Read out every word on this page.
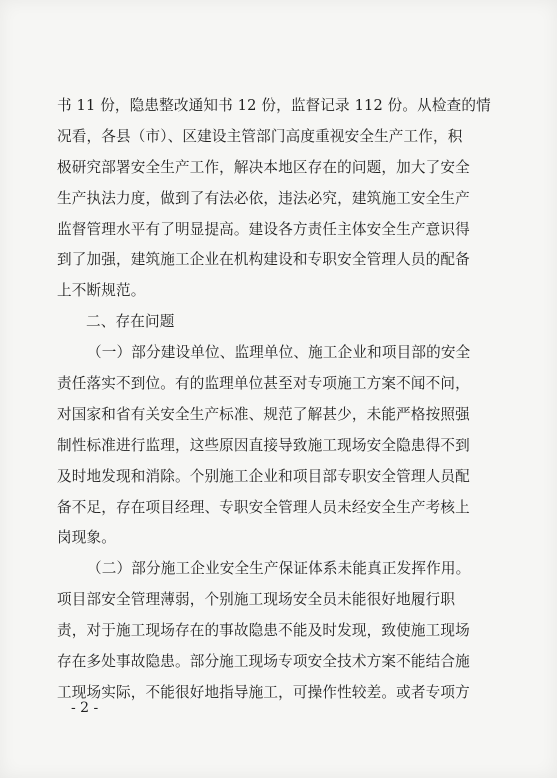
书 11 份，隐患整改通知书 12 份，监督记录 112 份。从检查的情
况看，各县（市）、区建设主管部门高度重视安全生产工作，积
极研究部署安全生产工作，解决本地区存在的问题，加大了安全
生产执法力度，做到了有法必依，违法必究，建筑施工安全生产
监督管理水平有了明显提高。建设各方责任主体安全生产意识得
到了加强，建筑施工企业在机构建设和专职安全管理人员的配备
上不断规范。
二、存在问题
（一）部分建设单位、监理单位、施工企业和项目部的安全
责任落实不到位。有的监理单位甚至对专项施工方案不闻不问，
对国家和省有关安全生产标准、规范了解甚少，未能严格按照强
制性标准进行监理，这些原因直接导致施工现场安全隐患得不到
及时地发现和消除。个别施工企业和项目部专职安全管理人员配
备不足，存在项目经理、专职安全管理人员未经安全生产考核上
岗现象。
（二）部分施工企业安全生产保证体系未能真正发挥作用。
项目部安全管理薄弱，个别施工现场安全员未能很好地履行职
责，对于施工现场存在的事故隐患不能及时发现，致使施工现场
存在多处事故隐患。部分施工现场专项安全技术方案不能结合施
工现场实际，不能很好地指导施工，可操作性较差。或者专项方
- 2 -
